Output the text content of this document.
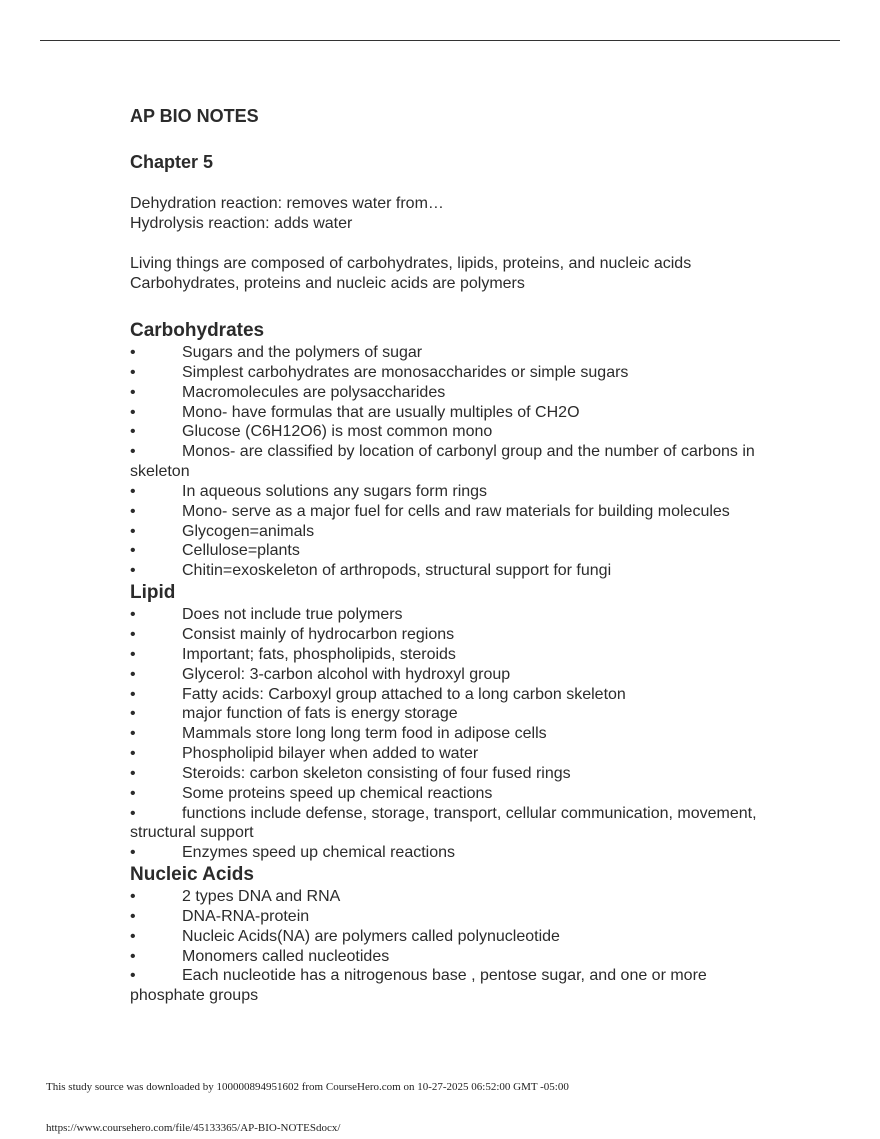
AP BIO NOTES
Chapter 5

Dehydration reaction: removes water from…

Hydrolysis reaction: adds water

Living things are composed of carbohydrates, lipids, proteins, and nucleic acids

Carbohydrates, proteins and nucleic acids are polymers

Carbohydrates
•	Sugars and the polymers of sugar
•	Simplest carbohydrates are monosaccharides or simple sugars
•	Macromolecules are polysaccharides
•	Mono- have formulas that are usually multiples of CH2O
•	Glucose (C6H12O6) is most common mono
•	Monos- are classified by location of carbonyl group and the number of carbons in skeleton
•	In aqueous solutions any sugars form rings
•	Mono- serve as a major fuel for cells and raw materials for building molecules
•	Glycogen=animals
•	Cellulose=plants
•	Chitin=exoskeleton of arthropods, structural support for fungi
Lipid
•	Does not include true polymers
•	Consist mainly of hydrocarbon regions
•	Important; fats, phospholipids, steroids
•	Glycerol: 3-carbon alcohol with hydroxyl group
•	Fatty acids: Carboxyl group attached to a long carbon skeleton
•	major function of fats is energy storage
•	Mammals store long long term food in adipose cells
•	Phospholipid bilayer when added to water
•	Steroids: carbon skeleton consisting of four fused rings
•	Some proteins speed up chemical reactions
•	functions include defense, storage, transport, cellular communication, movement, structural support
•	Enzymes speed up chemical reactions
Nucleic Acids
•	2 types DNA and RNA
•	DNA-RNA-protein
•	Nucleic Acids(NA) are polymers called polynucleotide
•	Monomers called nucleotides
•	Each nucleotide has a nitrogenous base , pentose sugar, and one or more phosphate groups
This study source was downloaded by 100000894951602 from CourseHero.com on 10-27-2025 06:52:00 GMT -05:00
https://www.coursehero.com/file/45133365/AP-BIO-NOTESdocx/
